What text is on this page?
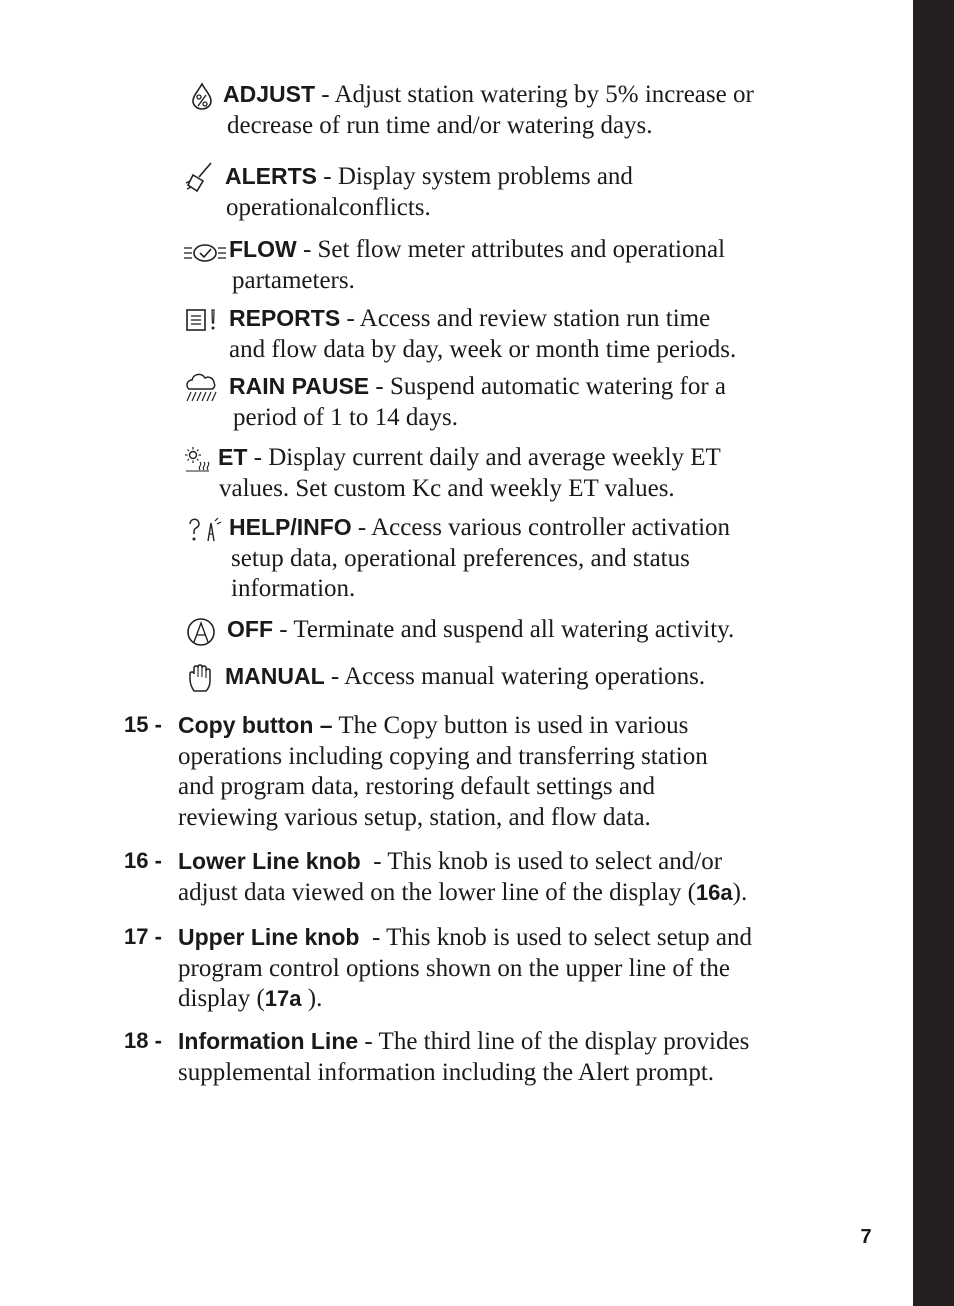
ADJUST - Adjust station watering by 5% increase or
decrease of run time and/or watering days.
ALERTS - Display system problems and
operationalconflicts.
FLOW - Set flow meter attributes and operational
partameters.
REPORTS - Access and review station run time
and flow data by day, week or month time periods.
RAIN PAUSE - Suspend automatic watering for a
period of 1 to 14 days.
ET - Display current daily and average weekly ET
values. Set custom Kc and weekly ET values.
HELP/INFO - Access various controller activation
setup data, operational preferences, and status
information.
OFF - Terminate and suspend all watering activity.
MANUAL - Access manual watering operations.
15 - Copy button – The Copy button is used in various
operations including copying and transferring station
and program data, restoring default settings and
reviewing various setup, station, and flow data.
16 - Lower Line knob - This knob is used to select and/or
adjust data viewed on the lower line of the display (16a).
17 - Upper Line knob - This knob is used to select setup and
program control options shown on the upper line of the
display (17a ).
18 - Information Line - The third line of the display provides
supplemental information including the Alert prompt.
7
